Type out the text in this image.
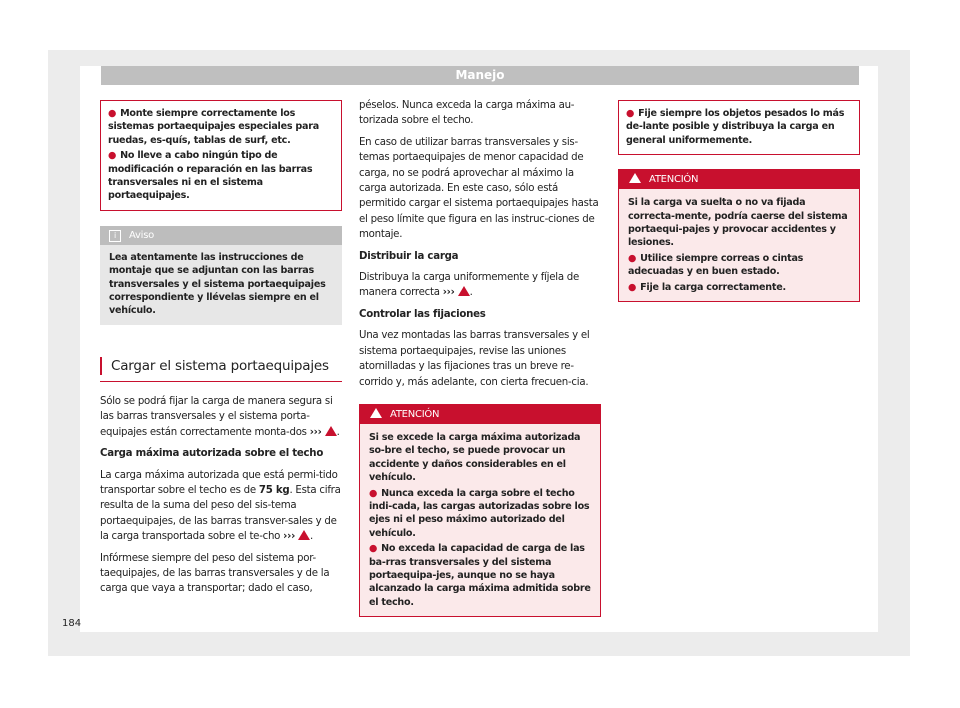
Manejo

● Monte siempre correctamente los sistemas portaequipajes especiales para ruedas, es-quís, tablas de surf, etc.

● No lleve a cabo ningún tipo de modificación o reparación en las barras transversales ni en el sistema portaequipajes.

i Aviso
Lea atentamente las instrucciones de montaje que se adjuntan con las barras transversales y el sistema portaequipajes correspondiente y llévelas siempre en el vehículo.
Cargar el sistema portaequipajes

Sólo se podrá fijar la carga de manera segura si las barras transversales y el sistema porta-equipajes están correctamente monta-dos ››› .

Carga máxima autorizada sobre el techo

La carga máxima autorizada que está permi-tido transportar sobre el techo es de 75 kg. Esta cifra resulta de la suma del peso del sis-tema portaequipajes, de las barras transver-sales y de la carga transportada sobre el te-cho ››› .

Infórmese siempre del peso del sistema por-taequipajes, de las barras transversales y de la carga que vaya a transportar; dado el caso,

péselos. Nunca exceda la carga máxima au-torizada sobre el techo.

En caso de utilizar barras transversales y sis-temas portaequipajes de menor capacidad de carga, no se podrá aprovechar al máximo la carga autorizada. En este caso, sólo está permitido cargar el sistema portaequipajes hasta el peso límite que figura en las instruc-ciones de montaje.

Distribuir la carga

Distribuya la carga uniformemente y fíjela de manera correcta ››› .

Controlar las fijaciones

Una vez montadas las barras transversales y el sistema portaequipajes, revise las uniones atornilladas y las fijaciones tras un breve re-corrido y, más adelante, con cierta frecuen-cia.

ATENCIÓN

Si se excede la carga máxima autorizada so-bre el techo, se puede provocar un accidente y daños considerables en el vehículo.

● Nunca exceda la carga sobre el techo indi-cada, las cargas autorizadas sobre los ejes ni el peso máximo autorizado del vehículo.

● No exceda la capacidad de carga de las ba-rras transversales y del sistema portaequipa-jes, aunque no se haya alcanzado la carga máxima admitida sobre el techo.

● Fije siempre los objetos pesados lo más de-lante posible y distribuya la carga en general uniformemente.

ATENCIÓN

Si la carga va suelta o no va fijada correcta-mente, podría caerse del sistema portaequi-pajes y provocar accidentes y lesiones.

● Utilice siempre correas o cintas adecuadas y en buen estado.

● Fije la carga correctamente.

184
